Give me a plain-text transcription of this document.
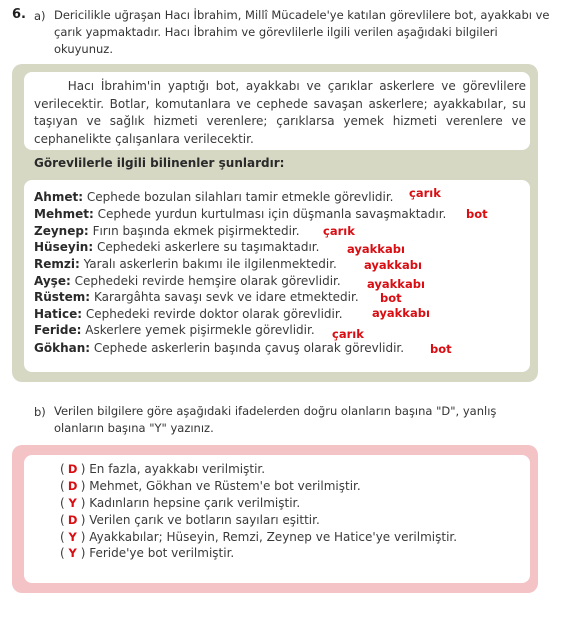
6. a) Dericilikle uğraşan Hacı İbrahim, Millî Mücadele'ye katılan görevlilere bot, ayakkabı ve çarık yapmaktadır. Hacı İbrahim ve görevlilerle ilgili verilen aşağıdaki bilgileri okuyunuz.
Hacı İbrahim'in yaptığı bot, ayakkabı ve çarıklar askerlere ve görevlilere verilecektir. Botlar, komutanlara ve cephede savaşan askerlere; ayakkabılar, su taşıyan ve sağlık hizmeti verenlere; çarıklarsa yemek hizmeti verenlere ve cephanelikte çalışanlara verilecektir.
Görevlilerle ilgili bilinenler şunlardır:
Ahmet: Cephede bozulan silahları tamir etmekle görevlidir. çarık
Mehmet: Cephede yurdun kurtulması için düşmanla savaşmaktadır. bot
Zeynep: Fırın başında ekmek pişirmektedir. çarık
Hüseyin: Cephedeki askerlere su taşımaktadır. ayakkabı
Remzi: Yaralı askerlerin bakımı ile ilgilenmektedir. ayakkabı
Ayşe: Cephedeki revirde hemşire olarak görevlidir. ayakkabı
Rüstem: Karargâhta savaşı sevk ve idare etmektedir. bot
Hatice: Cephedeki revirde doktor olarak görevlidir.	ayakkabı
Feride: Askerlere yemek pişirmekle görevlidir. çarık
Gökhan: Cephede askerlerin başında çavuş olarak görevlidir. bot
b) Verilen bilgilere göre aşağıdaki ifadelerden doğru olanların başına "D", yanlış olanların başına "Y" yazınız.
( D ) En fazla, ayakkabı verilmiştir.
( D ) Mehmet, Gökhan ve Rüstem'e bot verilmiştir.
( Y ) Kadınların hepsine çarık verilmiştir.
( D ) Verilen çarık ve botların sayıları eşittir.
( Y ) Ayakkabılar; Hüseyin, Remzi, Zeynep ve Hatice'ye verilmiştir.
( Y ) Feride'ye bot verilmiştir.
